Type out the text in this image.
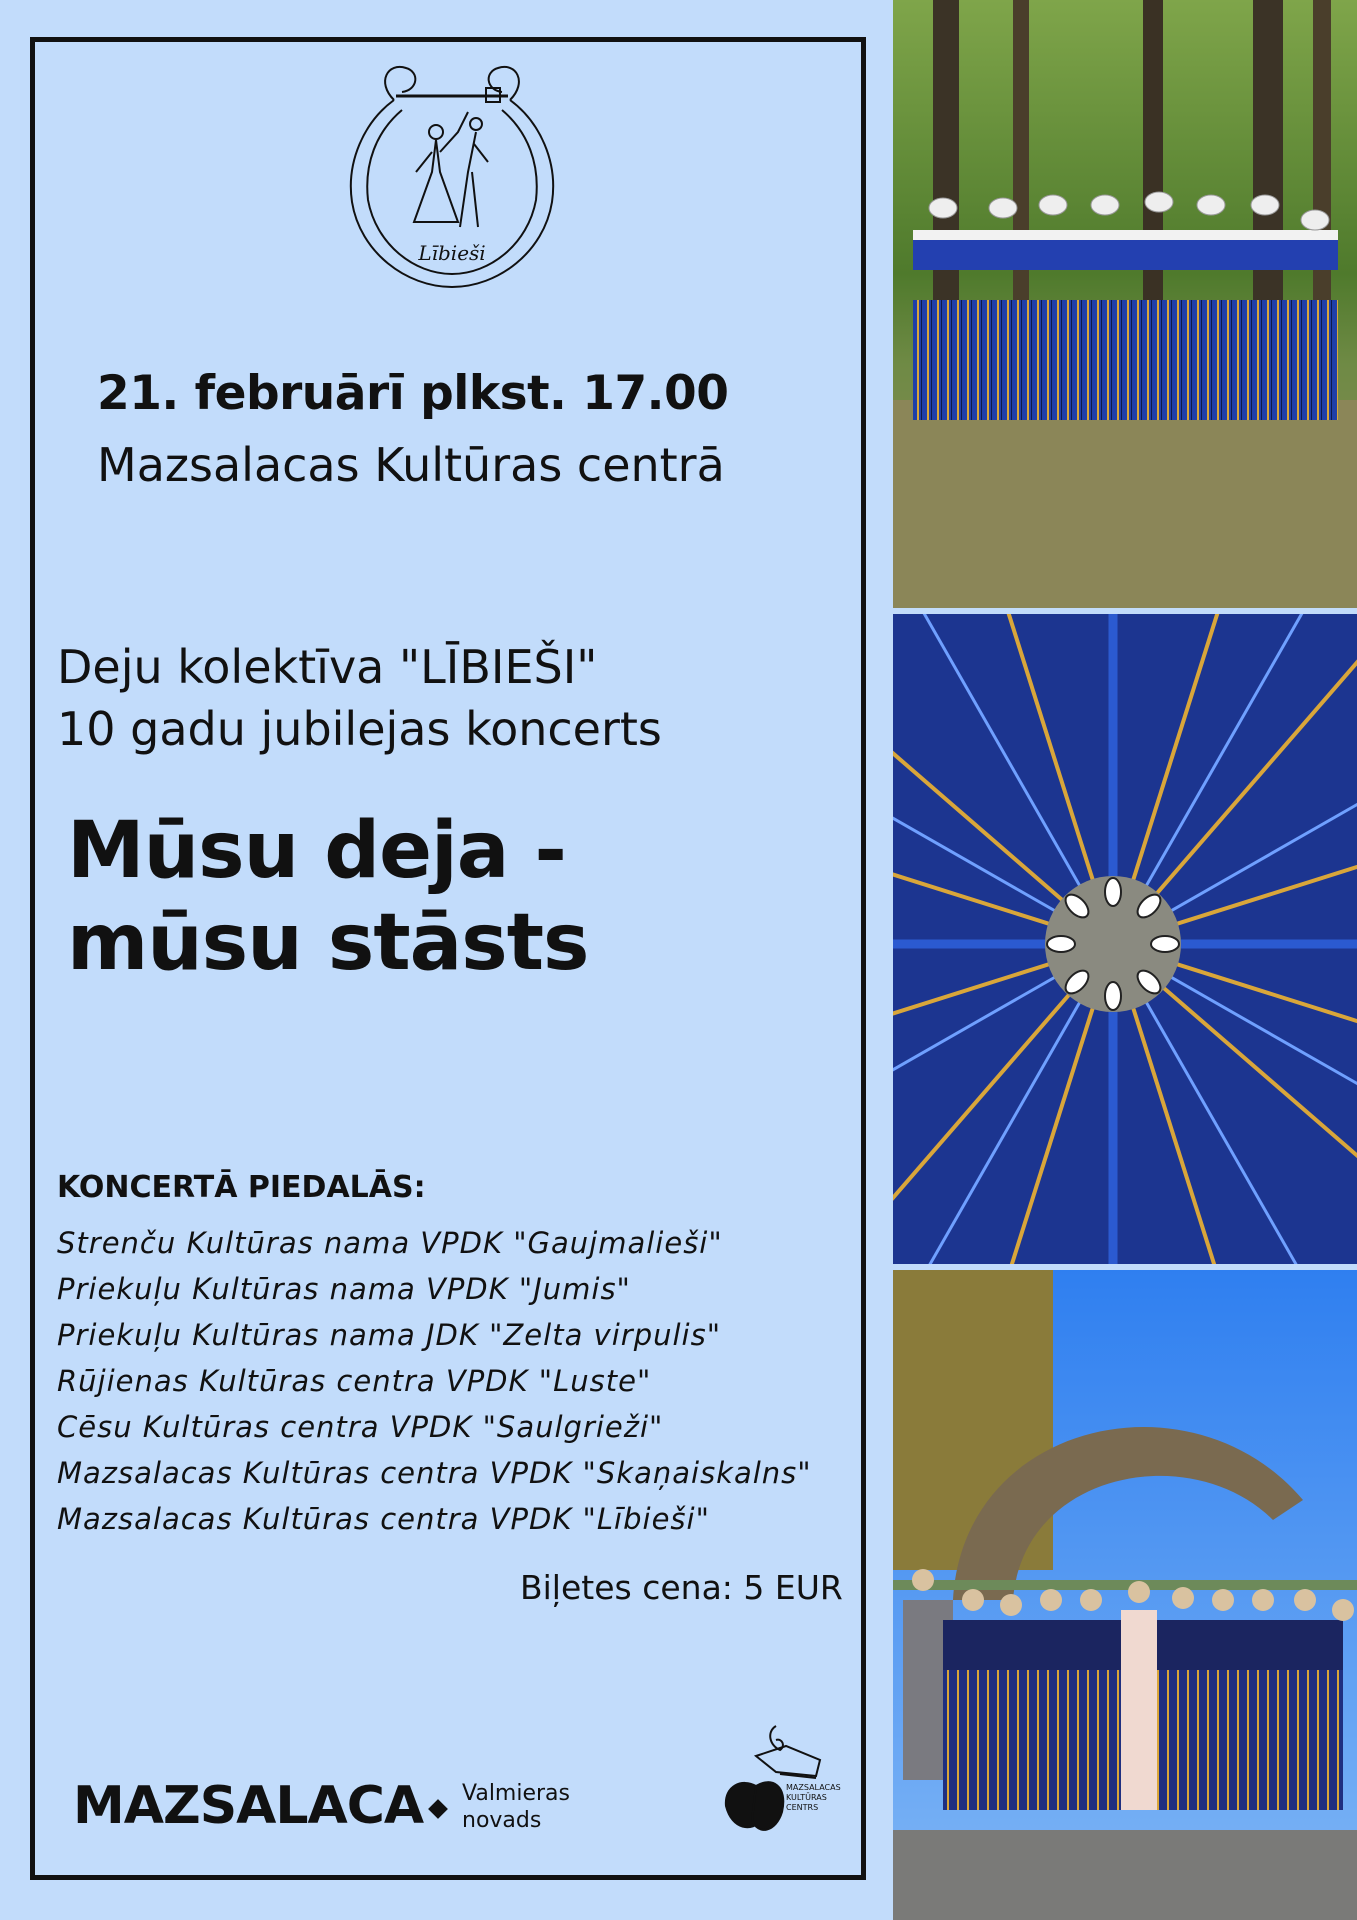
Lībieši
21. februārī plkst. 17.00
Mazsalacas Kultūras centrā
Deju kolektīva "LĪBIEŠI"
10 gadu jubilejas koncerts
Mūsu deja -
mūsu stāsts
KONCERTĀ PIEDALĀS:
Strenču Kultūras nama VPDK "Gaujmalieši"
Priekuļu Kultūras nama VPDK "Jumis"
Priekuļu Kultūras nama JDK "Zelta virpulis"
Rūjienas Kultūras centra VPDK "Luste"
Cēsu Kultūras centra VPDK "Saulgrieži"
Mazsalacas Kultūras centra VPDK "Skaņaiskalns"
Mazsalacas Kultūras centra VPDK "Lībieši"
Biļetes cena: 5 EUR
MAZSALACA	Valmieras
novads
MAZSALACAS
KULTŪRAS
CENTRS
